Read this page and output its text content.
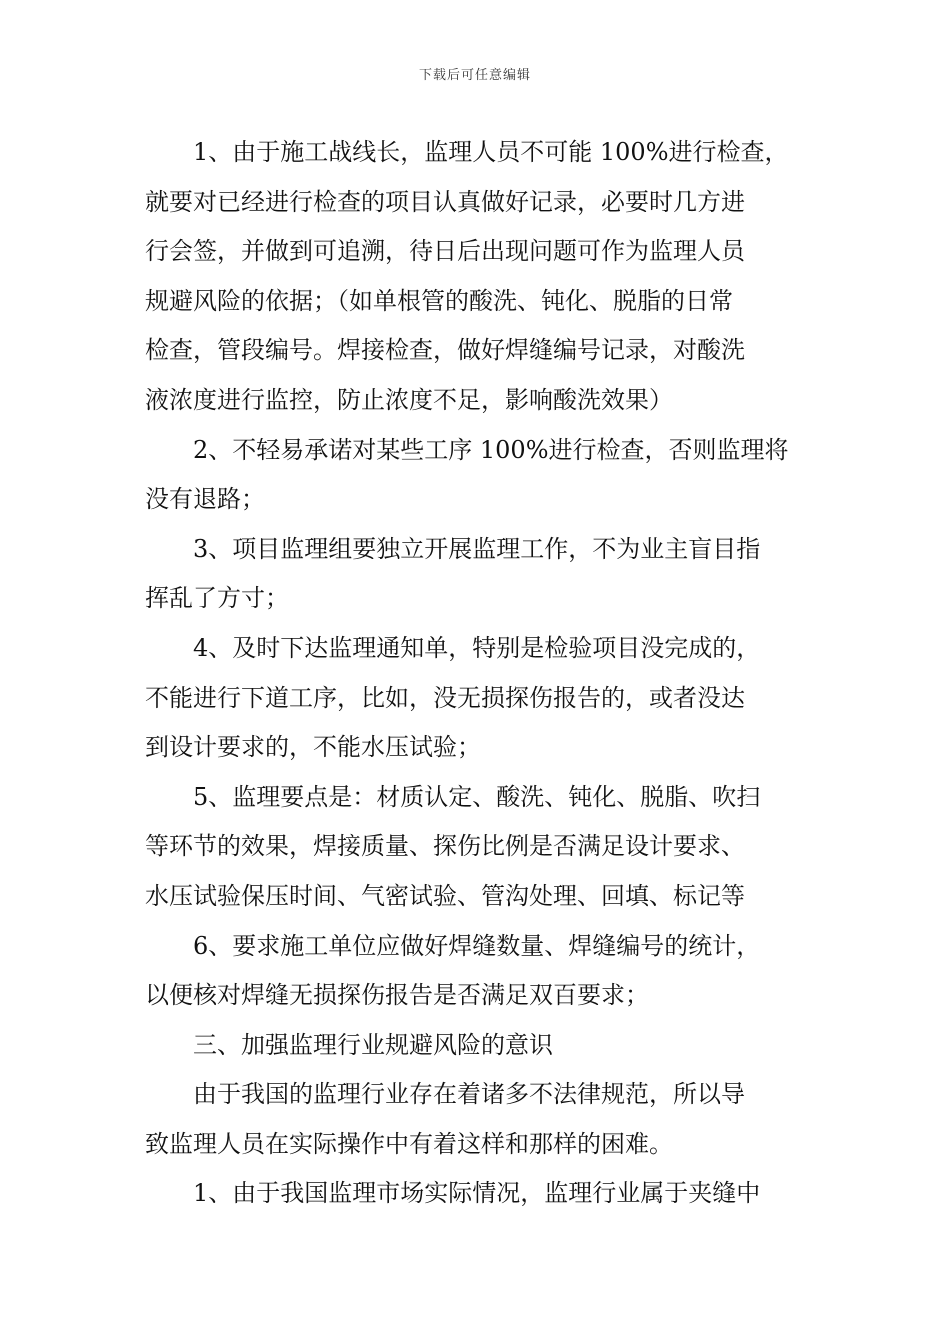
下载后可任意编辑
1、由于施工战线长，监理人员不可能 100%进行检查，
就要对已经进行检查的项目认真做好记录，必要时几方进
行会签，并做到可追溯，待日后出现问题可作为监理人员
规避风险的依据；（如单根管的酸洗、钝化、脱脂的日常
检查，管段编号。焊接检查，做好焊缝编号记录，对酸洗
液浓度进行监控，防止浓度不足，影响酸洗效果）
2、不轻易承诺对某些工序 100%进行检查，否则监理将
没有退路；
3、项目监理组要独立开展监理工作，不为业主盲目指
挥乱了方寸；
4、及时下达监理通知单，特别是检验项目没完成的，
不能进行下道工序，比如，没无损探伤报告的，或者没达
到设计要求的，不能水压试验；
5、监理要点是：材质认定、酸洗、钝化、脱脂、吹扫
等环节的效果，焊接质量、探伤比例是否满足设计要求、
水压试验保压时间、气密试验、管沟处理、回填、标记等
6、要求施工单位应做好焊缝数量、焊缝编号的统计，
以便核对焊缝无损探伤报告是否满足双百要求；
三、加强监理行业规避风险的意识
由于我国的监理行业存在着诸多不法律规范，所以导
致监理人员在实际操作中有着这样和那样的困难。
1、由于我国监理市场实际情况，监理行业属于夹缝中
